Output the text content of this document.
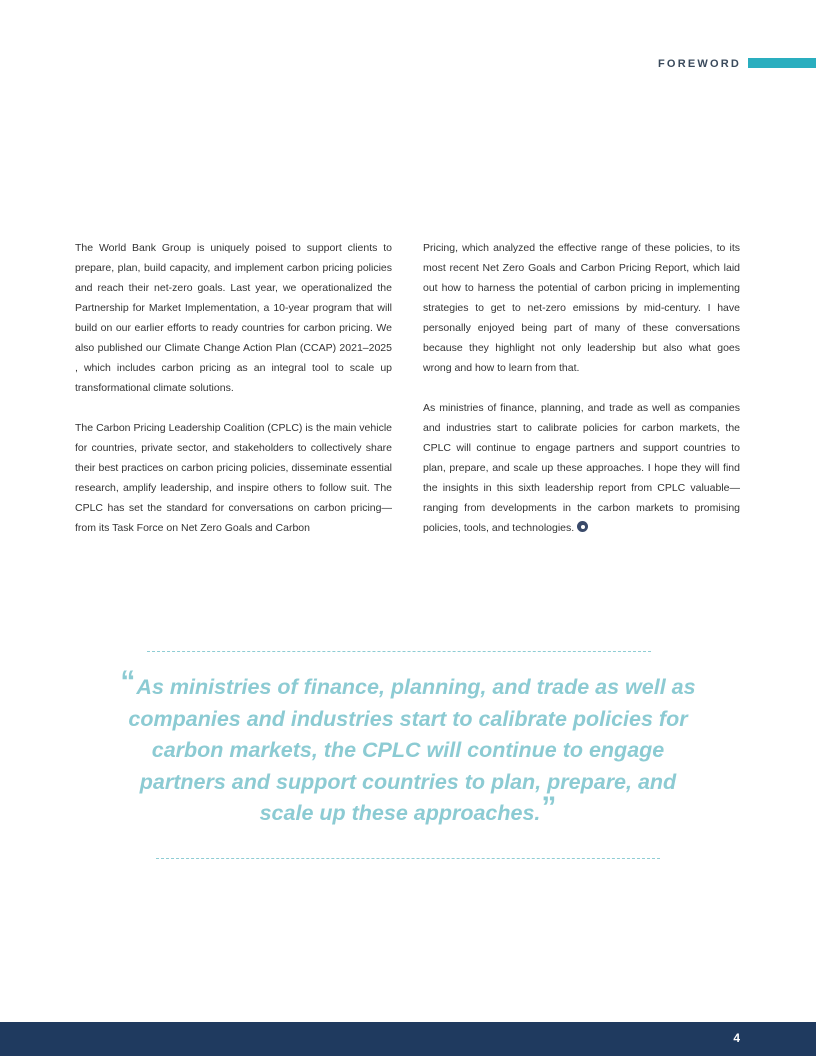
FOREWORD

The World Bank Group is uniquely poised to support clients to prepare, plan, build capacity, and implement carbon pricing policies and reach their net-zero goals. Last year, we operationalized the Partnership for Market Implementation, a 10-year program that will build on our earlier efforts to ready countries for carbon pricing. We also published our Climate Change Action Plan (CCAP) 2021–2025 , which includes carbon pricing as an integral tool to scale up transformational climate solutions.

The Carbon Pricing Leadership Coalition (CPLC) is the main vehicle for countries, private sector, and stakeholders to collectively share their best practices on carbon pricing policies, disseminate essential research, amplify leadership, and inspire others to follow suit. The CPLC has set the standard for conversations on carbon pricing—from its Task Force on Net Zero Goals and Carbon

Pricing, which analyzed the effective range of these policies, to its most recent Net Zero Goals and Carbon Pricing Report, which laid out how to harness the potential of carbon pricing in implementing strategies to get to net-zero emissions by mid-century. I have personally enjoyed being part of many of these conversations because they highlight not only leadership but also what goes wrong and how to learn from that.

As ministries of finance, planning, and trade as well as companies and industries start to calibrate policies for carbon markets, the CPLC will continue to engage partners and support countries to plan, prepare, and scale up these approaches. I hope they will find the insights in this sixth leadership report from CPLC valuable—ranging from developments in the carbon markets to promising policies, tools, and technologies.

“As ministries of finance, planning, and trade as well as companies and industries start to calibrate policies for carbon markets, the CPLC will continue to engage partners and support countries to plan, prepare, and scale up these approaches.”
4
